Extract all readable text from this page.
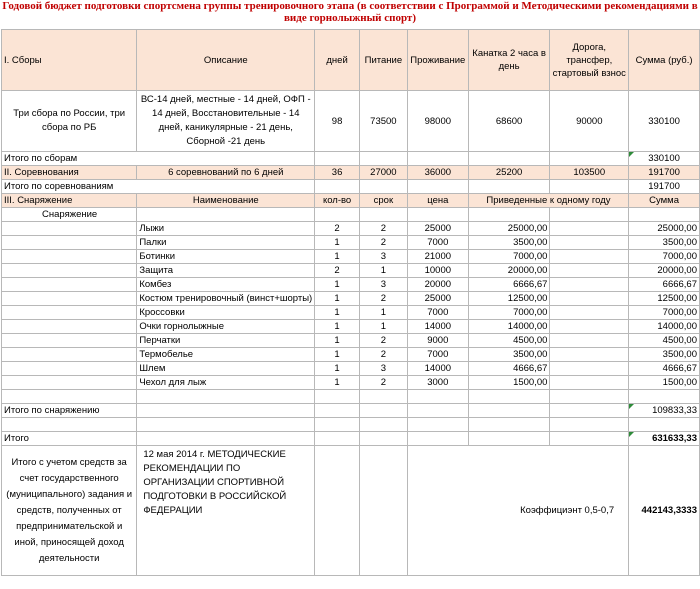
Годовой бюджет подготовки спортсмена группы тренировочного этапа (в соответствии с Программой и Методическими рекомендациями в виде горнолыжный спорт)
I. Сборы	Описание	дней	Питание	Проживание	Канатка 2 часа в день	Дорога, трансфер, стартовый взнос	Сумма (руб.)
Три сбора по России, три сбора по РБ	ВС-14 дней, местные - 14 дней, ОФП - 14 дней, Восстановительные - 14 дней, каникулярные - 21 день, Сборной -21 день	98	73500	98000	68600	90000	330100
Итого по сборам							330100
II. Соревнования	6 соревнований по 6 дней	36	27000	36000	25200	103500	191700
Итого по соревнованиям							191700
III. Снаряжение	Наименование	кол-во	срок	цена	Приведенные к одному году		Сумма
Снаряжение							
	Лыжи	2	2	25000	25000,00		25000,00
	Палки	1	2	7000	3500,00		3500,00
	Ботинки	1	3	21000	7000,00		7000,00
	Защита	2	1	10000	20000,00		20000,00
	Комбез	1	3	20000	6666,67		6666,67
	Костюм тренировочный (винст+шорты)	1	2	25000	12500,00		12500,00
	Кроссовки	1	1	7000	7000,00		7000,00
	Очки горнолыжные	1	1	14000	14000,00		14000,00
	Перчатки	1	2	9000	4500,00		4500,00
	Термобелье	1	2	7000	3500,00		3500,00
	Шлем	1	3	14000	4666,67		4666,67
	Чехол для лыж	1	2	3000	1500,00		1500,00

Итого по снаряжению							109833,33

Итого							631633,33
Итого с учетом средств за счет государственного (муниципального) задания и средств, полученных от предпринимательской и иной, приносящей доход деятельности	12 мая 2014 г. МЕТОДИЧЕСКИЕ РЕКОМЕНДАЦИИ ПО ОРГАНИЗАЦИИ СПОРТИВНОЙ ПОДГОТОВКИ В РОССИЙСКОЙ ФЕДЕРАЦИИ			Коэффициэнт 0,5-0,7			442143,3333
